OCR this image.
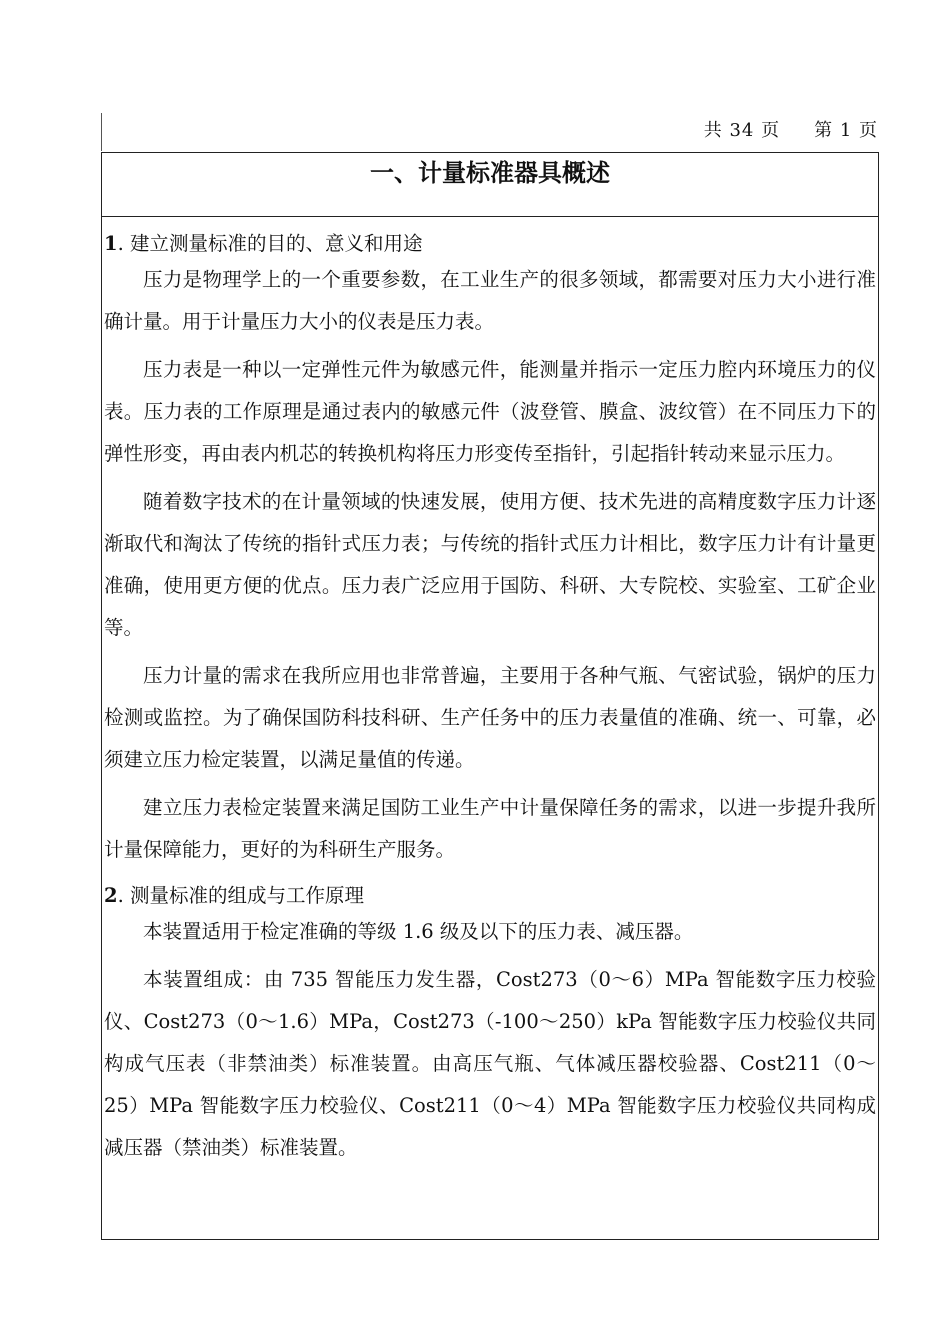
共 34 页 第 1 页
一、计量标准器具概述
1. 建立测量标准的目的、意义和用途
压力是物理学上的一个重要参数，在工业生产的很多领域，都需要对压力大小进行准确计量。用于计量压力大小的仪表是压力表。
压力表是一种以一定弹性元件为敏感元件，能测量并指示一定压力腔内环境压力的仪表。压力表的工作原理是通过表内的敏感元件（波登管、膜盒、波纹管）在不同压力下的弹性形变，再由表内机芯的转换机构将压力形变传至指针，引起指针转动来显示压力。
随着数字技术的在计量领域的快速发展，使用方便、技术先进的高精度数字压力计逐渐取代和淘汰了传统的指针式压力表；与传统的指针式压力计相比，数字压力计有计量更准确，使用更方便的优点。压力表广泛应用于国防、科研、大专院校、实验室、工矿企业等。
压力计量的需求在我所应用也非常普遍，主要用于各种气瓶、气密试验，锅炉的压力检测或监控。为了确保国防科技科研、生产任务中的压力表量值的准确、统一、可靠，必须建立压力检定装置，以满足量值的传递。
建立压力表检定装置来满足国防工业生产中计量保障任务的需求，以进一步提升我所计量保障能力，更好的为科研生产服务。
2. 测量标准的组成与工作原理
本装置适用于检定准确的等级 1.6 级及以下的压力表、减压器。
本装置组成：由 735 智能压力发生器，Cost273（0～6）MPa 智能数字压力校验仪、Cost273（0～1.6）MPa，Cost273（-100～250）kPa 智能数字压力校验仪共同构成气压表（非禁油类）标准装置。由高压气瓶、气体减压器校验器、Cost211（0～25）MPa 智能数字压力校验仪、Cost211（0～4）MPa 智能数字压力校验仪共同构成减压器（禁油类）标准装置。
